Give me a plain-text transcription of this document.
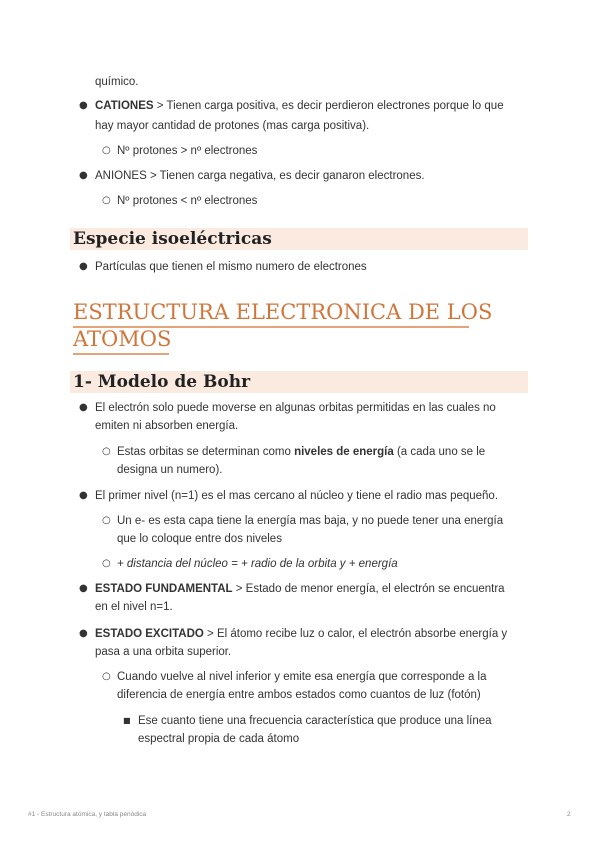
químico.
● CATIONES > Tienen carga positiva, es decir perdieron electrones porque lo que
hay mayor cantidad de protones (mas carga positiva).
○ Nº protones > nº electrones
● ANIONES > Tienen carga negativa, es decir ganaron electrones.
○ Nº protones < nº electrones
Especie isoeléctricas
● Partículas que tienen el mismo numero de electrones
ESTRUCTURA ELECTRONICA DE LOS
ATOMOS
1- Modelo de Bohr
● El electrón solo puede moverse en algunas orbitas permitidas en las cuales no
emiten ni absorben energía.
○ Estas orbitas se determinan como niveles de energía (a cada uno se le
designa un numero).
● El primer nivel (n=1) es el mas cercano al núcleo y tiene el radio mas pequeño.
○ Un e- es esta capa tiene la energía mas baja, y no puede tener una energía
que lo coloque entre dos niveles
○ + distancia del núcleo = + radio de la orbita y + energía
● ESTADO FUNDAMENTAL > Estado de menor energía, el electrón se encuentra
en el nivel n=1.
● ESTADO EXCITADO > El átomo recibe luz o calor, el electrón absorbe energía y
pasa a una orbita superior.
○ Cuando vuelve al nivel inferior y emite esa energía que corresponde a la
diferencia de energía entre ambos estados como cuantos de luz (fotón)
■ Ese cuanto tiene una frecuencia característica que produce una línea
espectral propia de cada átomo
#1 - Estructura atómica, y tabla periódica	2
